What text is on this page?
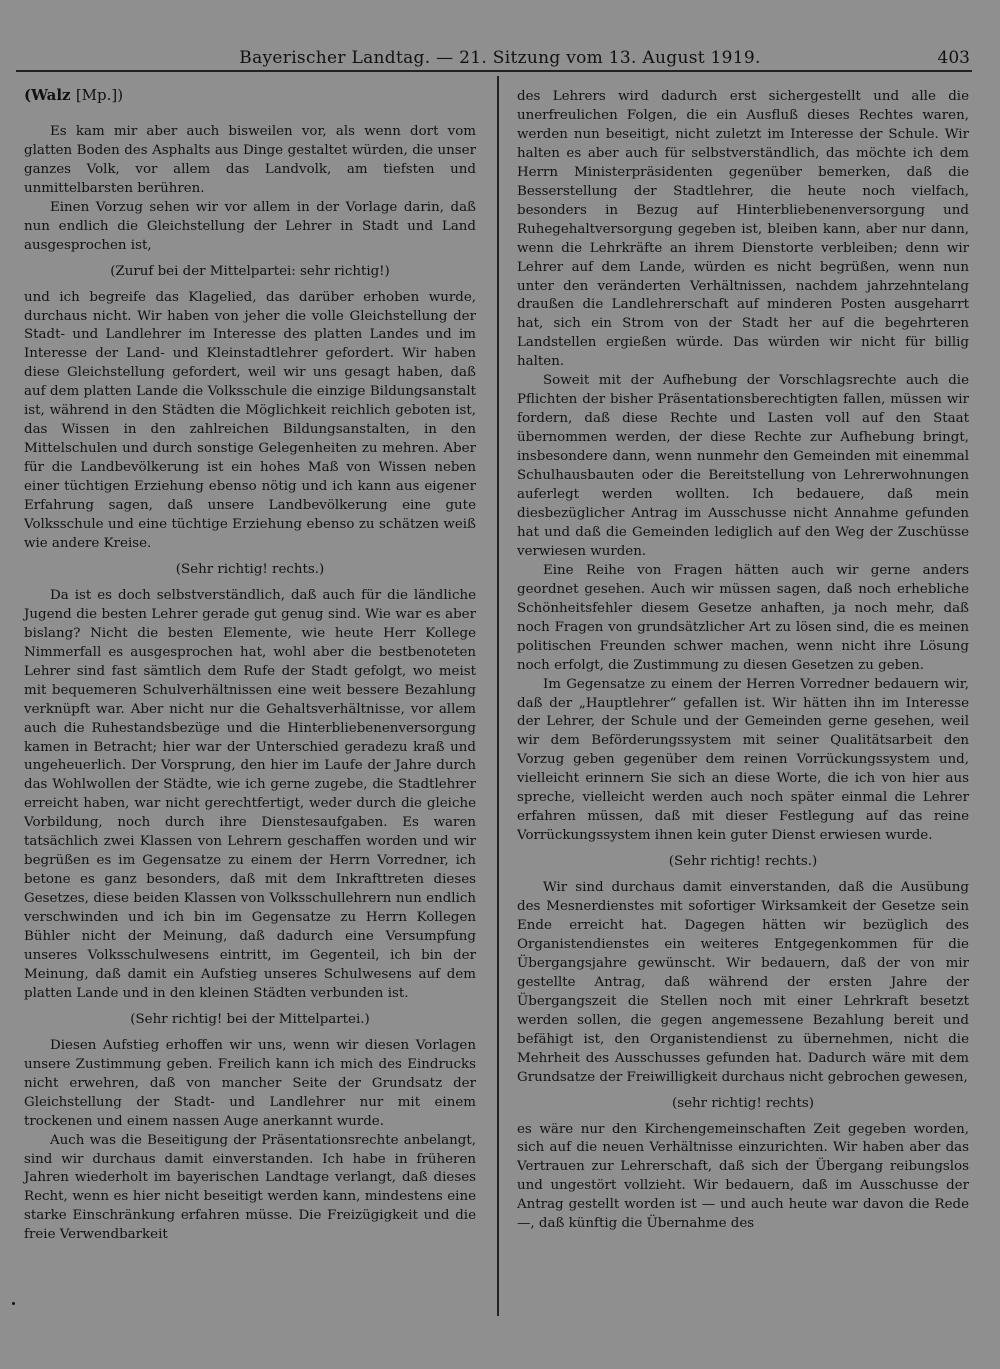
Bayerischer Landtag. — 21. Sitzung vom 13. August 1919.	403
(Walz [Mp.])

Es kam mir aber auch bisweilen vor, als wenn dort vom glatten Boden des Asphalts aus Dinge gestaltet würden, die unser ganzes Volk, vor allem das Landvolk, am tiefsten und unmittelbarsten berühren.

Einen Vorzug sehen wir vor allem in der Vorlage darin, daß nun endlich die Gleichstellung der Lehrer in Stadt und Land ausgesprochen ist,

(Zuruf bei der Mittelpartei: sehr richtig!)

und ich begreife das Klagelied, das darüber erhoben wurde, durchaus nicht. Wir haben von jeher die volle Gleichstellung der Stadt- und Landlehrer im Interesse des platten Landes und im Interesse der Land- und Kleinstadtlehrer gefordert. Wir haben diese Gleichstellung gefordert, weil wir uns gesagt haben, daß auf dem platten Lande die Volksschule die einzige Bildungsanstalt ist, während in den Städten die Möglichkeit reichlich geboten ist, das Wissen in den zahlreichen Bildungsanstalten, in den Mittelschulen und durch sonstige Gelegenheiten zu mehren. Aber für die Landbevölkerung ist ein hohes Maß von Wissen neben einer tüchtigen Erziehung ebenso nötig und ich kann aus eigener Erfahrung sagen, daß unsere Landbevölkerung eine gute Volksschule und eine tüchtige Erziehung ebenso zu schätzen weiß wie andere Kreise.

(Sehr richtig! rechts.)

Da ist es doch selbstverständlich, daß auch für die ländliche Jugend die besten Lehrer gerade gut genug sind. Wie war es aber bislang? Nicht die besten Elemente, wie heute Herr Kollege Nimmerfall es ausgesprochen hat, wohl aber die bestbenoteten Lehrer sind fast sämtlich dem Rufe der Stadt gefolgt, wo meist mit bequemeren Schulverhältnissen eine weit bessere Bezahlung verknüpft war. Aber nicht nur die Gehaltsverhältnisse, vor allem auch die Ruhestandsbezüge und die Hinterbliebenenversorgung kamen in Betracht; hier war der Unterschied geradezu kraß und ungeheuerlich. Der Vorsprung, den hier im Laufe der Jahre durch das Wohlwollen der Städte, wie ich gerne zugebe, die Stadtlehrer erreicht haben, war nicht gerechtfertigt, weder durch die gleiche Vorbildung, noch durch ihre Dienstesaufgaben. Es waren tatsächlich zwei Klassen von Lehrern geschaffen worden und wir begrüßen es im Gegensatze zu einem der Herrn Vorredner, ich betone es ganz besonders, daß mit dem Inkrafttreten dieses Gesetzes, diese beiden Klassen von Volksschullehrern nun endlich verschwinden und ich bin im Gegensatze zu Herrn Kollegen Bühler nicht der Meinung, daß dadurch eine Versumpfung unseres Volksschulwesens eintritt, im Gegenteil, ich bin der Meinung, daß damit ein Aufstieg unseres Schulwesens auf dem platten Lande und in den kleinen Städten verbunden ist.

(Sehr richtig! bei der Mittelpartei.)

Diesen Aufstieg erhoffen wir uns, wenn wir diesen Vorlagen unsere Zustimmung geben. Freilich kann ich mich des Eindrucks nicht erwehren, daß von mancher Seite der Grundsatz der Gleichstellung der Stadt- und Landlehrer nur mit einem trockenen und einem nassen Auge anerkannt wurde.

Auch was die Beseitigung der Präsentationsrechte anbelangt, sind wir durchaus damit einverstanden. Ich habe in früheren Jahren wiederholt im bayerischen Landtage verlangt, daß dieses Recht, wenn es hier nicht beseitigt werden kann, mindestens eine starke Einschränkung erfahren müsse. Die Freizügigkeit und die freie Verwendbarkeit

des Lehrers wird dadurch erst sichergestellt und alle die unerfreulichen Folgen, die ein Ausfluß dieses Rechtes waren, werden nun beseitigt, nicht zuletzt im Interesse der Schule. Wir halten es aber auch für selbstverständlich, das möchte ich dem Herrn Ministerpräsidenten gegenüber bemerken, daß die Besserstellung der Stadtlehrer, die heute noch vielfach, besonders in Bezug auf Hinterbliebenenversorgung und Ruhegehaltversorgung gegeben ist, bleiben kann, aber nur dann, wenn die Lehrkräfte an ihrem Dienstorte verbleiben; denn wir Lehrer auf dem Lande, würden es nicht begrüßen, wenn nun unter den veränderten Verhältnissen, nachdem jahrzehntelang draußen die Landlehrerschaft auf minderen Posten ausgeharrt hat, sich ein Strom von der Stadt her auf die begehrteren Landstellen ergießen würde. Das würden wir nicht für billig halten.

Soweit mit der Aufhebung der Vorschlagsrechte auch die Pflichten der bisher Präsentationsberechtigten fallen, müssen wir fordern, daß diese Rechte und Lasten voll auf den Staat übernommen werden, der diese Rechte zur Aufhebung bringt, insbesondere dann, wenn nunmehr den Gemeinden mit einemmal Schulhausbauten oder die Bereitstellung von Lehrerwohnungen auferlegt werden wollten. Ich bedauere, daß mein diesbezüglicher Antrag im Ausschusse nicht Annahme gefunden hat und daß die Gemeinden lediglich auf den Weg der Zuschüsse verwiesen wurden.

Eine Reihe von Fragen hätten auch wir gerne anders geordnet gesehen. Auch wir müssen sagen, daß noch erhebliche Schönheitsfehler diesem Gesetze anhaften, ja noch mehr, daß noch Fragen von grundsätzlicher Art zu lösen sind, die es meinen politischen Freunden schwer machen, wenn nicht ihre Lösung noch erfolgt, die Zustimmung zu diesen Gesetzen zu geben.

Im Gegensatze zu einem der Herren Vorredner bedauern wir, daß der „Hauptlehrer“ gefallen ist. Wir hätten ihn im Interesse der Lehrer, der Schule und der Gemeinden gerne gesehen, weil wir dem Beförderungssystem mit seiner Qualitätsarbeit den Vorzug geben gegenüber dem reinen Vorrückungssystem und, vielleicht erinnern Sie sich an diese Worte, die ich von hier aus spreche, vielleicht werden auch noch später einmal die Lehrer erfahren müssen, daß mit dieser Festlegung auf das reine Vorrückungssystem ihnen kein guter Dienst erwiesen wurde.

(Sehr richtig! rechts.)

Wir sind durchaus damit einverstanden, daß die Ausübung des Mesnerdienstes mit sofortiger Wirksamkeit der Gesetze sein Ende erreicht hat. Dagegen hätten wir bezüglich des Organistendienstes ein weiteres Entgegenkommen für die Übergangsjahre gewünscht. Wir bedauern, daß der von mir gestellte Antrag, daß während der ersten Jahre der Übergangszeit die Stellen noch mit einer Lehrkraft besetzt werden sollen, die gegen angemessene Bezahlung bereit und befähigt ist, den Organistendienst zu übernehmen, nicht die Mehrheit des Ausschusses gefunden hat. Dadurch wäre mit dem Grundsatze der Freiwilligkeit durchaus nicht gebrochen gewesen,

(sehr richtig! rechts)

es wäre nur den Kirchengemeinschaften Zeit gegeben worden, sich auf die neuen Verhältnisse einzurichten. Wir haben aber das Vertrauen zur Lehrerschaft, daß sich der Übergang reibungslos und ungestört vollzieht. Wir bedauern, daß im Ausschusse der Antrag gestellt worden ist — und auch heute war davon die Rede —, daß künftig die Übernahme des
